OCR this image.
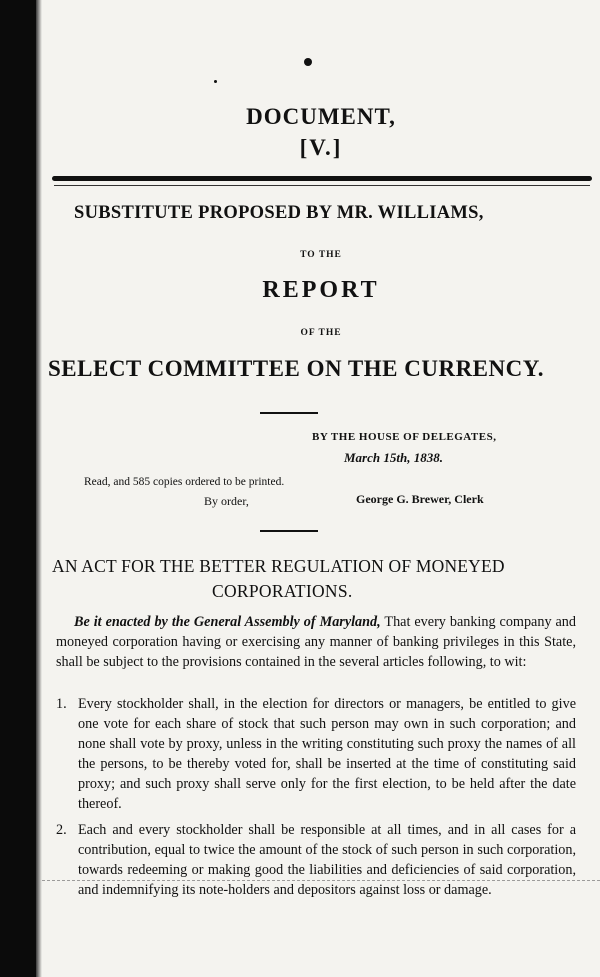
DOCUMENT,
[V.]
SUBSTITUTE PROPOSED BY MR. WILLIAMS,
TO THE
REPORT
OF THE
SELECT COMMITTEE ON THE CURRENCY.
BY THE HOUSE OF DELEGATES,
March 15th, 1838.
Read, and 585 copies ordered to be printed.
By order,	George G. Brewer, Clerk
AN ACT FOR THE BETTER REGULATION OF MONEYED
CORPORATIONS.
Be it enacted by the General Assembly of Maryland, That every banking company and moneyed corporation having or exercising any manner of banking privileges in this State, shall be subject to the provisions contained in the several articles following, to wit:
1. Every stockholder shall, in the election for directors or managers, be entitled to give one vote for each share of stock that such person may own in such corporation; and none shall vote by proxy, unless in the writing constituting such proxy the names of all the persons, to be thereby voted for, shall be inserted at the time of constituting said proxy; and such proxy shall serve only for the first election, to be held after the date thereof.
2. Each and every stockholder shall be responsible at all times, and in all cases for a contribution, equal to twice the amount of the stock of such person in such corporation, towards redeeming or making good the liabilities and deficiencies of said corporation, and indemnifying its note-holders and depositors against loss or damage.
